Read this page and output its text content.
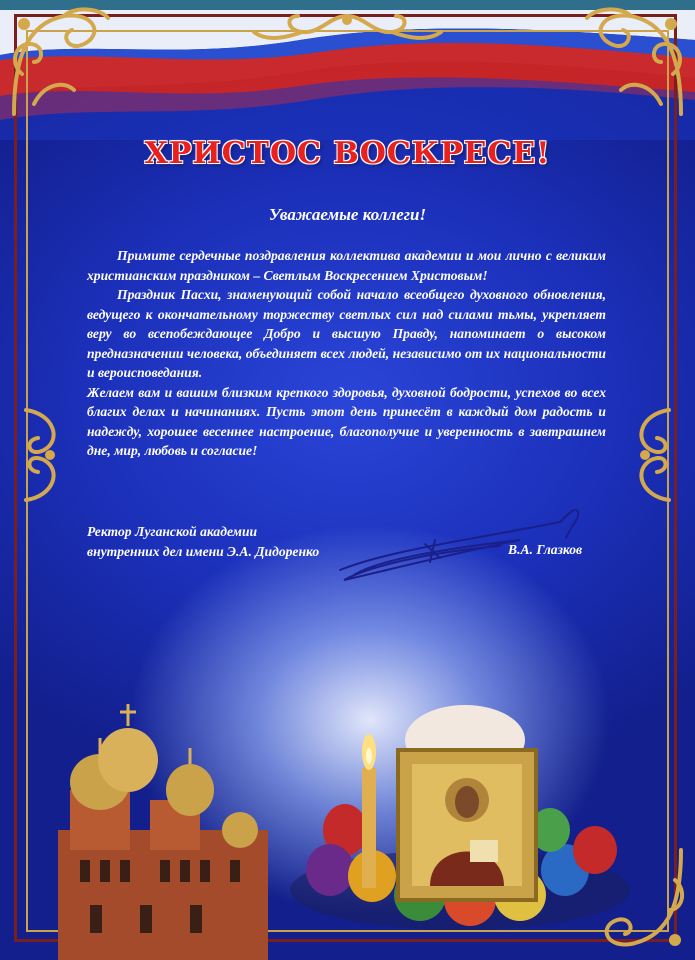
ХРИСТОС ВОСКРЕСЕ!
Уважаемые коллеги!

Примите сердечные поздравления коллектива академии и мои лично с великим христианским праздником – Светлым Воскресением Христовым!

Праздник Пасхи, знаменующий собой начало всеобщего духовного обновления, ведущего к окончательному торжеству светлых сил над силами тьмы, укрепляет веру во всепобеждающее Добро и высшую Правду, напоминает о высоком предназначении человека, объединяет всех людей, независимо от их национальности и вероисповедания.

Желаем вам и вашим близким крепкого здоровья, духовной бодрости, успехов во всех благих делах и начинаниях. Пусть этот день принесёт в каждый дом радость и надежду, хорошее весеннее настроение, благополучие и уверенность в завтрашнем дне, мир, любовь и согласие!

Ректор Луганской академии
внутренних дел имени Э.А. Дидоренко	В.А. Глазков
